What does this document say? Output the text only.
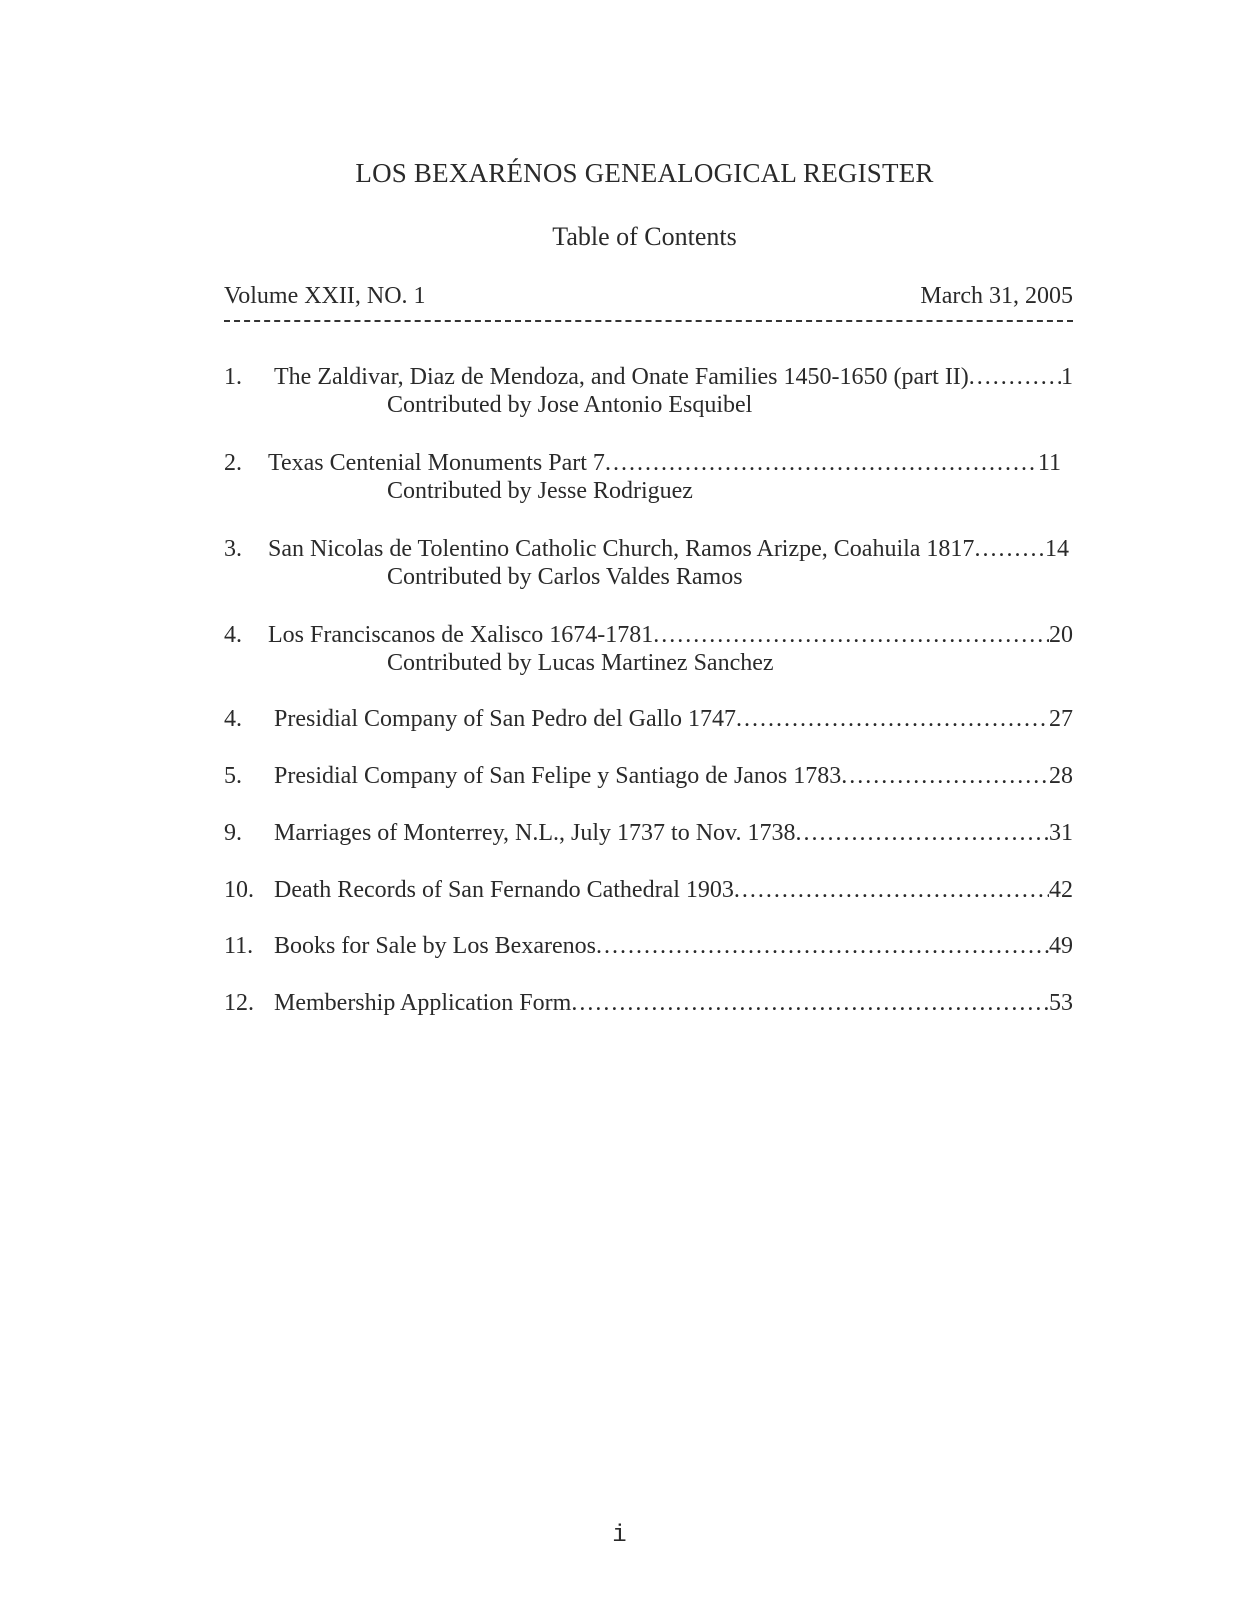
LOS BEXARÉNOS GENEALOGICAL REGISTER
Table of Contents
Volume XXII, NO. 1	March 31, 2005
1.	The Zaldivar, Diaz de Mendoza, and Onate Families 1450-1650 (part II) .....	1
Contributed by Jose Antonio Esquibel
2.	Texas Centenial Monuments Part 7 .....	11
Contributed by Jesse Rodriguez
3.	San Nicolas de Tolentino Catholic Church, Ramos Arizpe, Coahuila 1817 .....	14
Contributed by Carlos Valdes Ramos
4.	Los Franciscanos de Xalisco 1674-1781 .....	20
Contributed by Lucas Martinez Sanchez
4.	Presidial Company of San Pedro del Gallo 1747 .....	27
5.	Presidial Company of San Felipe y Santiago de Janos 1783 .....	28
9.	Marriages of Monterrey, N.L., July 1737 to Nov. 1738 .....	31
10. Death Records of San Fernando Cathedral 1903 .....	42
11. Books for Sale by Los Bexarenos .....	49
12. Membership Application Form .....	53
i
